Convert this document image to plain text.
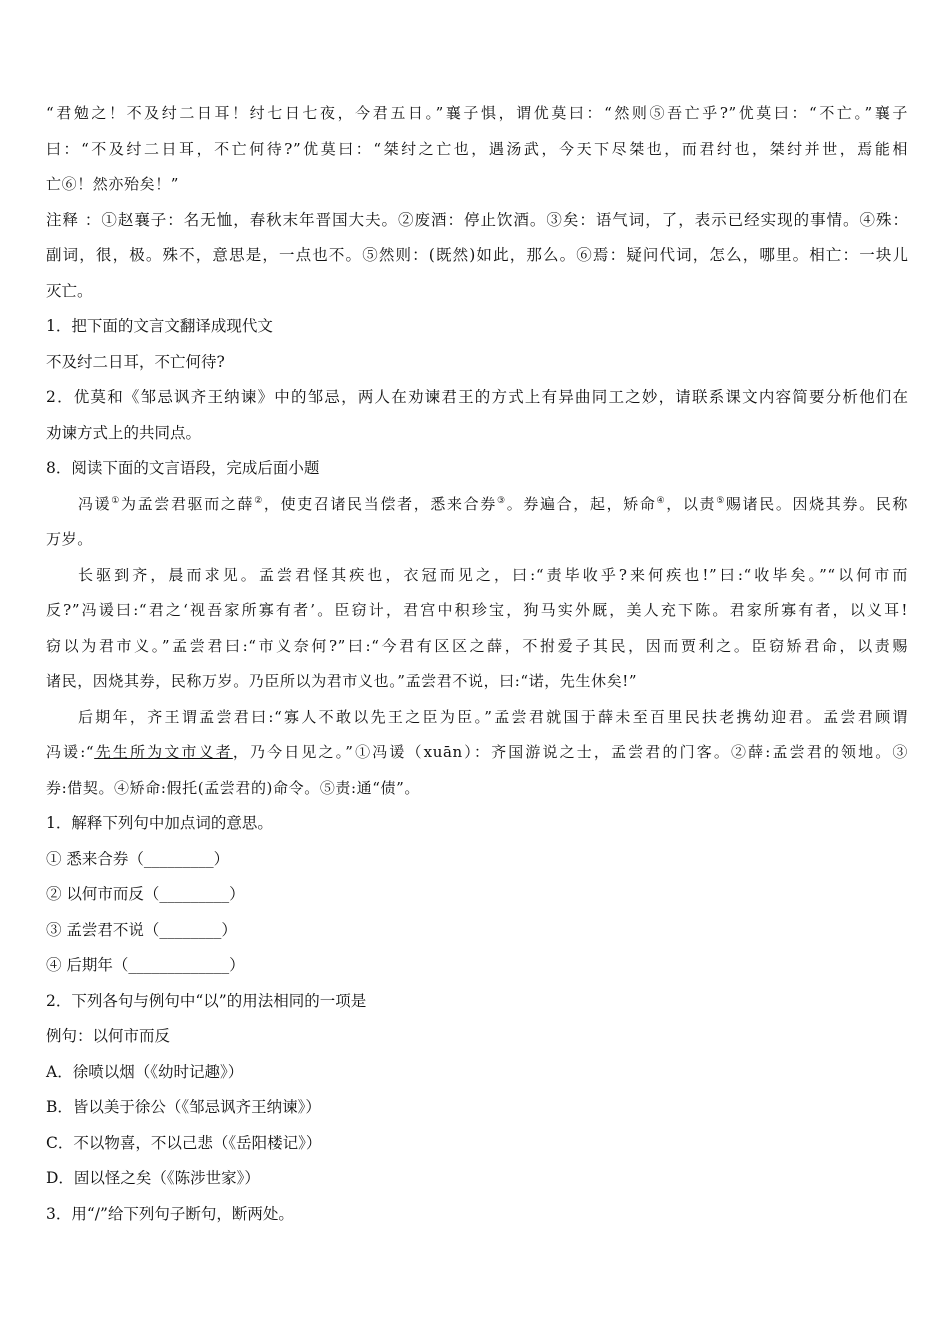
“君勉之！不及纣二日耳！纣七日七夜，今君五日。”襄子惧，谓优莫曰：“然则⑤吾亡乎?”优莫曰：“不亡。”襄子

曰：“不及纣二日耳，不亡何待?”优莫曰：“桀纣之亡也，遇汤武，今天下尽桀也，而君纣也，桀纣并世，焉能相

亡⑥！然亦殆矣！”

注释 ：①赵襄子：名无恤，春秋末年晋国大夫。②废酒：停止饮酒。③矣：语气词，了，表示已经实现的事情。④殊：

副词，很，极。殊不，意思是，一点也不。⑤然则：(既然)如此，那么。⑥焉：疑问代词，怎么，哪里。相亡：一块儿

灭亡。

1．把下面的文言文翻译成现代文

不及纣二日耳，不亡何待?

2．优莫和《邹忌讽齐王纳谏》中的邹忌，两人在劝谏君王的方式上有异曲同工之妙，请联系课文内容简要分析他们在

劝谏方式上的共同点。

8．阅读下面的文言语段，完成后面小题

冯谖①为孟尝君驱而之薛②，使吏召诸民当偿者，悉来合券③。券遍合，起，矫命④，以责⑤赐诸民。因烧其券。民称

万岁。

长驱到齐，晨而求见。孟尝君怪其疾也，衣冠而见之，曰:“责毕收乎?来何疾也!”曰:“收毕矣。”“以何市而

反?”冯谖曰:“君之‘视吾家所寡有者’。臣窃计，君宫中积珍宝，狗马实外厩，美人充下陈。君家所寡有者，以义耳!

窃以为君市义。”孟尝君曰:“市义奈何?”曰:“今君有区区之薛，不拊爱子其民，因而贾利之。臣窃矫君命，以责赐

诸民，因烧其券，民称万岁。乃臣所以为君市义也。”孟尝君不说，曰:“诺，先生休矣!”

后期年，齐王谓孟尝君曰:“寡人不敢以先王之臣为臣。”孟尝君就国于薛未至百里民扶老携幼迎君。孟尝君顾谓

冯谖:“先生所为文市义者，乃今日见之。”①冯谖（xuān）：齐国游说之士，孟尝君的门客。②薛:孟尝君的领地。③

券:借契。④矫命:假托(孟尝君的)命令。⑤责:通“债”。

1．解释下列句中加点词的意思。

① 悉来合券（_________）

② 以何市而反（_________）

③ 孟尝君不说（________）

④ 后期年（_____________）

2．下列各句与例句中“以”的用法相同的一项是

例句：以何市而反

A．徐喷以烟（《幼时记趣》）

B．皆以美于徐公（《邹忌讽齐王纳谏》）

C．不以物喜，不以己悲（《岳阳楼记》）

D．固以怪之矣（《陈涉世家》）

3．用“/”给下列句子断句，断两处。
